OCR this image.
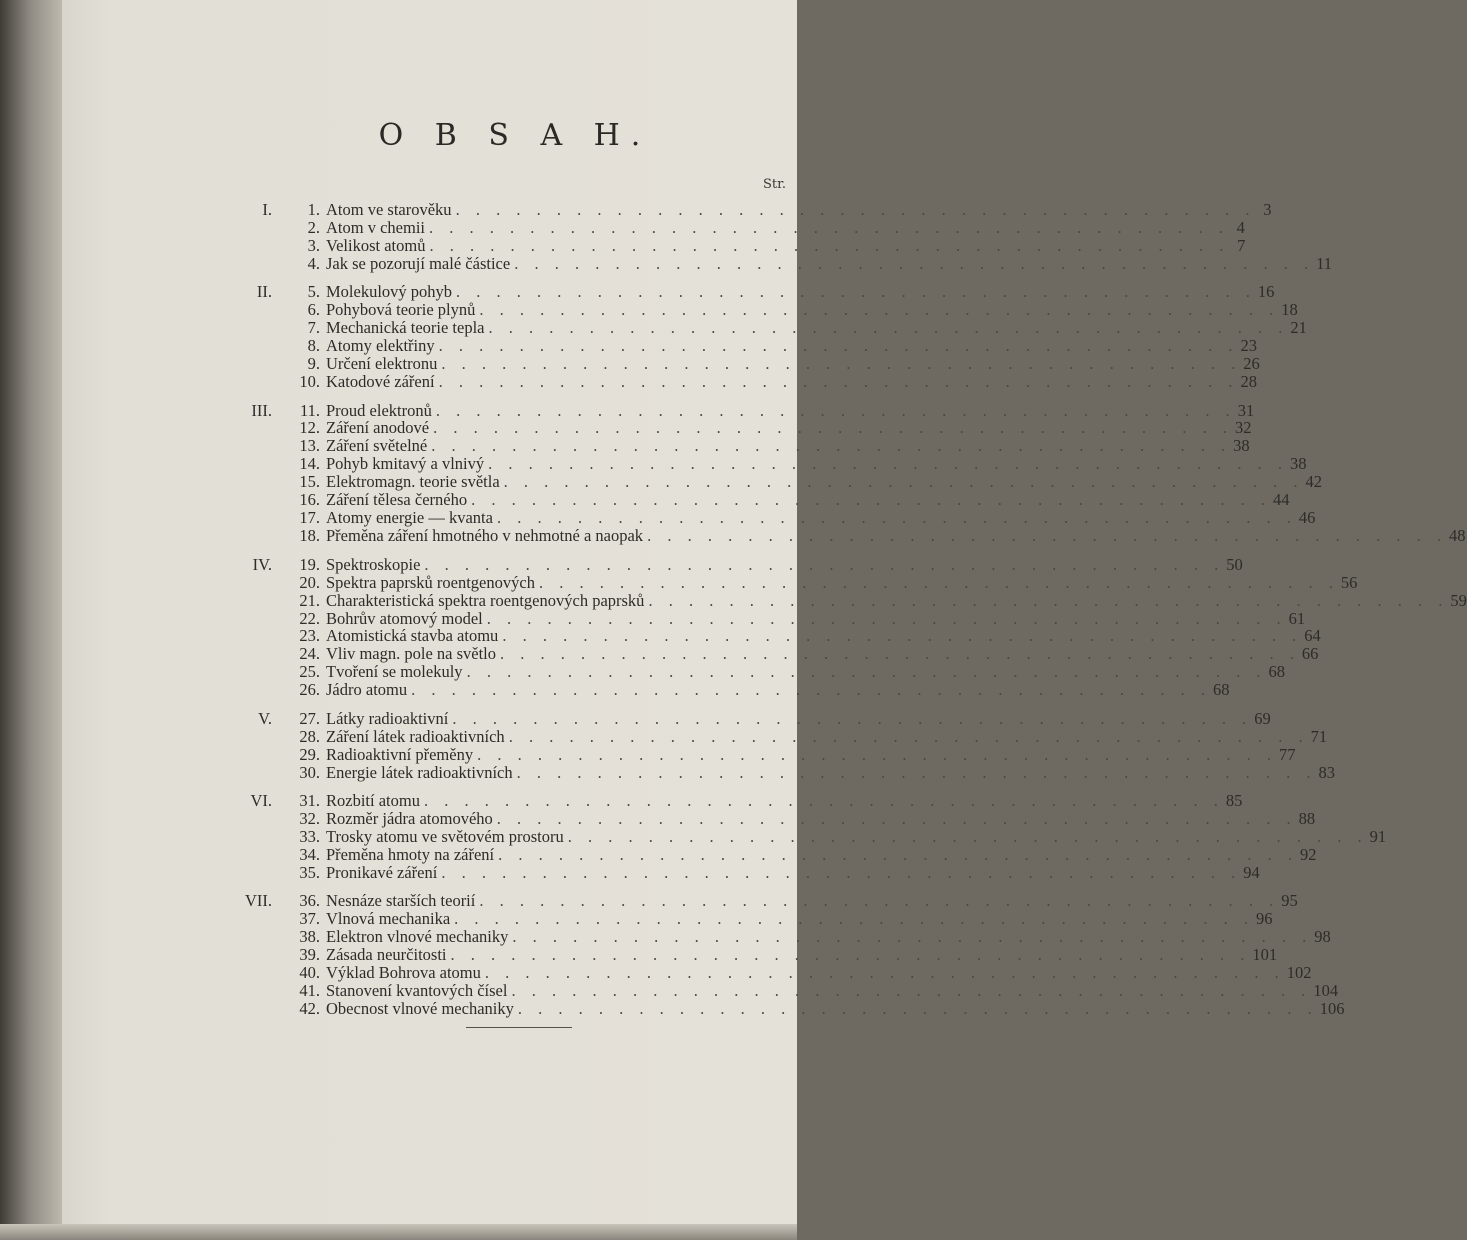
O B S A H.
Str.
I. 1. Atom ve starověku . . . . . . . . . . . . . . . . . . . . . . . . . . . . . . . . . . . . . . . . 3
2. Atom v chemii . . . . . . . . . . . . . . . . . . . . . . . . . . . . . . . . . . . . . . . . 4
3. Velikost atomů . . . . . . . . . . . . . . . . . . . . . . . . . . . . . . . . . . . . . . . . 7
4. Jak se pozorují malé částice . . . . . . . . . . . . . . . . . . . . . . . . . . . . . . . . . . . . . . . . 11
II. 5. Molekulový pohyb . . . . . . . . . . . . . . . . . . . . . . . . . . . . . . . . . . . . . . . . 16
6. Pohybová teorie plynů . . . . . . . . . . . . . . . . . . . . . . . . . . . . . . . . . . . . . . . . 18
7. Mechanická teorie tepla . . . . . . . . . . . . . . . . . . . . . . . . . . . . . . . . . . . . . . . . 21
8. Atomy elektřiny . . . . . . . . . . . . . . . . . . . . . . . . . . . . . . . . . . . . . . . . 23
9. Určení elektronu . . . . . . . . . . . . . . . . . . . . . . . . . . . . . . . . . . . . . . . . 26
10. Katodové záření . . . . . . . . . . . . . . . . . . . . . . . . . . . . . . . . . . . . . . . . 28
III. 11. Proud elektronů . . . . . . . . . . . . . . . . . . . . . . . . . . . . . . . . . . . . . . . . 31
12. Záření anodové . . . . . . . . . . . . . . . . . . . . . . . . . . . . . . . . . . . . . . . . 32
13. Záření světelné . . . . . . . . . . . . . . . . . . . . . . . . . . . . . . . . . . . . . . . . 38
14. Pohyb kmitavý a vlnivý . . . . . . . . . . . . . . . . . . . . . . . . . . . . . . . . . . . . . . . . 38
15. Elektromagn. teorie světla . . . . . . . . . . . . . . . . . . . . . . . . . . . . . . . . . . . . . . . . 42
16. Záření tělesa černého . . . . . . . . . . . . . . . . . . . . . . . . . . . . . . . . . . . . . . . . 44
17. Atomy energie — kvanta . . . . . . . . . . . . . . . . . . . . . . . . . . . . . . . . . . . . . . . . 46
18. Přeměna záření hmotného v nehmotné a naopak . . . . . . . . . . . . . . . . . . . . . . . . . . . . . . . . . . . . . . . . 48
IV. 19. Spektroskopie . . . . . . . . . . . . . . . . . . . . . . . . . . . . . . . . . . . . . . . . 50
20. Spektra paprsků roentgenových . . . . . . . . . . . . . . . . . . . . . . . . . . . . . . . . . . . . . . . . 56
21. Charakteristická spektra roentgenových paprsků . . . . . . . . . . . . . . . . . . . . . . . . . . . . . . . . . . . . . . . . 59
22. Bohrův atomový model . . . . . . . . . . . . . . . . . . . . . . . . . . . . . . . . . . . . . . . . 61
23. Atomistická stavba atomu . . . . . . . . . . . . . . . . . . . . . . . . . . . . . . . . . . . . . . . . 64
24. Vliv magn. pole na světlo . . . . . . . . . . . . . . . . . . . . . . . . . . . . . . . . . . . . . . . . 66
25. Tvoření se molekuly . . . . . . . . . . . . . . . . . . . . . . . . . . . . . . . . . . . . . . . . 68
26. Jádro atomu . . . . . . . . . . . . . . . . . . . . . . . . . . . . . . . . . . . . . . . . 68
V. 27. Látky radioaktivní . . . . . . . . . . . . . . . . . . . . . . . . . . . . . . . . . . . . . . . . 69
28. Záření látek radioaktivních . . . . . . . . . . . . . . . . . . . . . . . . . . . . . . . . . . . . . . . . 71
29. Radioaktivní přeměny . . . . . . . . . . . . . . . . . . . . . . . . . . . . . . . . . . . . . . . . 77
30. Energie látek radioaktivních . . . . . . . . . . . . . . . . . . . . . . . . . . . . . . . . . . . . . . . . 83
VI. 31. Rozbití atomu . . . . . . . . . . . . . . . . . . . . . . . . . . . . . . . . . . . . . . . . 85
32. Rozměr jádra atomového . . . . . . . . . . . . . . . . . . . . . . . . . . . . . . . . . . . . . . . . 88
33. Trosky atomu ve světovém prostoru . . . . . . . . . . . . . . . . . . . . . . . . . . . . . . . . . . . . . . . . 91
34. Přeměna hmoty na záření . . . . . . . . . . . . . . . . . . . . . . . . . . . . . . . . . . . . . . . . 92
35. Pronikavé záření . . . . . . . . . . . . . . . . . . . . . . . . . . . . . . . . . . . . . . . . 94
VII. 36. Nesnáze starších teorií . . . . . . . . . . . . . . . . . . . . . . . . . . . . . . . . . . . . . . . . 95
37. Vlnová mechanika . . . . . . . . . . . . . . . . . . . . . . . . . . . . . . . . . . . . . . . . 96
38. Elektron vlnové mechaniky . . . . . . . . . . . . . . . . . . . . . . . . . . . . . . . . . . . . . . . . 98
39. Zásada neurčitosti . . . . . . . . . . . . . . . . . . . . . . . . . . . . . . . . . . . . . . . . 101
40. Výklad Bohrova atomu . . . . . . . . . . . . . . . . . . . . . . . . . . . . . . . . . . . . . . . . 102
41. Stanovení kvantových čísel . . . . . . . . . . . . . . . . . . . . . . . . . . . . . . . . . . . . . . . . 104
42. Obecnost vlnové mechaniky . . . . . . . . . . . . . . . . . . . . . . . . . . . . . . . . . . . . . . . . 106
